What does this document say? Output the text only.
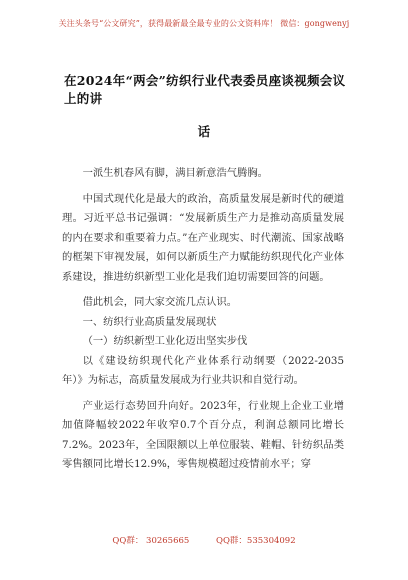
关注头条号“公文研究”，获得最新最全最专业的公文资料库！ 微信：gongwenyj
在2024年“两会”纺织行业代表委员座谈视频会议上的讲
话

一派生机春风有脚，满目新意浩气腾胸。

中国式现代化是最大的政治，高质量发展是新时代的硬道理。习近平总书记强调：“发展新质生产力是推动高质量发展的内在要求和重要着力点。”在产业现实、时代潮流、国家战略的框架下审视发展，如何以新质生产力赋能纺织现代化产业体系建设，推进纺织新型工业化是我们迫切需要回答的问题。

借此机会，同大家交流几点认识。

一、纺织行业高质量发展现状

（一）纺织新型工业化迈出坚实步伐

以《建设纺织现代化产业体系行动纲要（2022-2035年）》为标志，高质量发展成为行业共识和自觉行动。

产业运行态势回升向好。2023年，行业规上企业工业增加值降幅较2022年收窄0.7个百分点，利润总额同比增长7.2%。2023年，全国限额以上单位服装、鞋帽、针纺织品类零售额同比增长12.9%，零售规模超过疫情前水平；穿

QQ群： 30265665	QQ群：535304092
